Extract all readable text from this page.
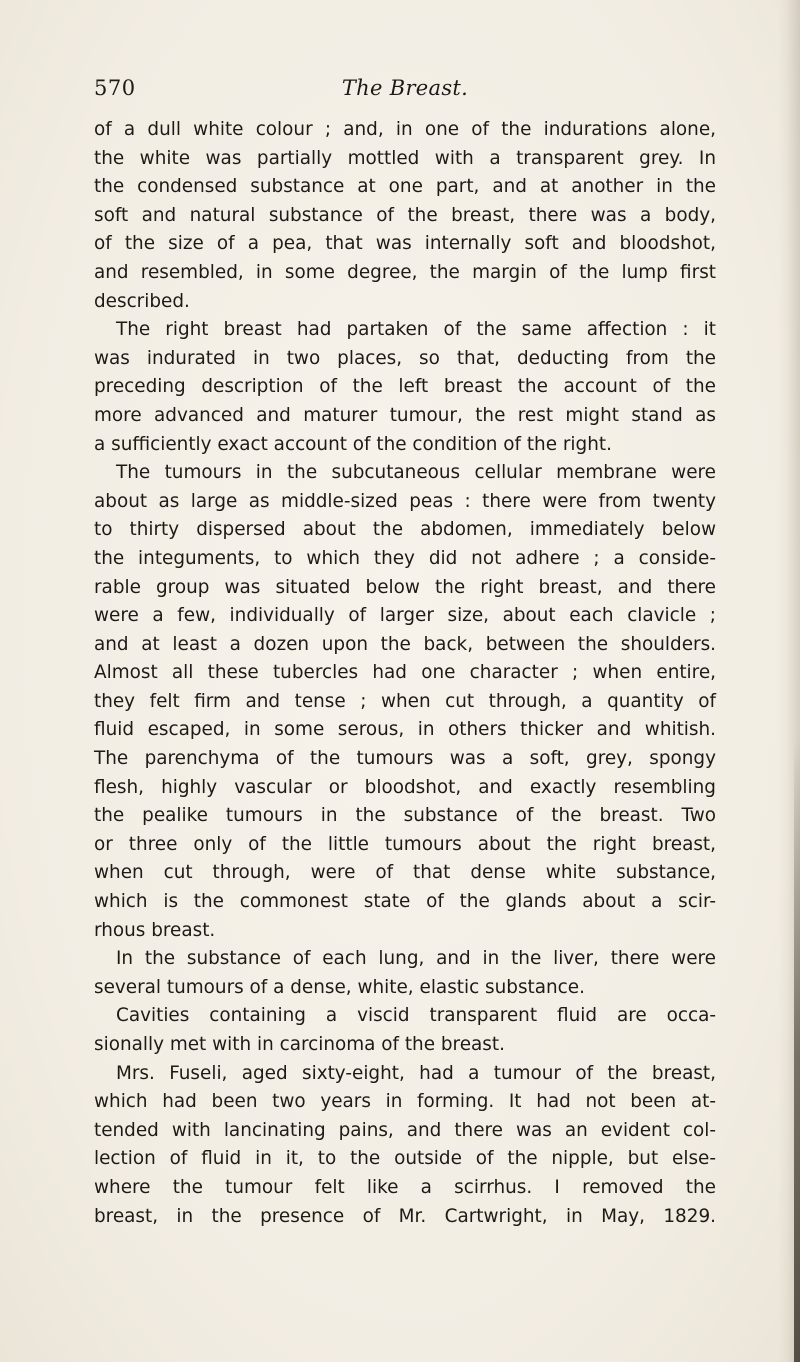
570	The Breast.
of a dull white colour ; and, in one of the indurations alone,
the white was partially mottled with a transparent grey. In
the condensed substance at one part, and at another in the
soft and natural substance of the breast, there was a body,
of the size of a pea, that was internally soft and bloodshot,
and resembled, in some degree, the margin of the lump first
described.
The right breast had partaken of the same affection : it
was indurated in two places, so that, deducting from the
preceding description of the left breast the account of the
more advanced and maturer tumour, the rest might stand as
a sufficiently exact account of the condition of the right.
The tumours in the subcutaneous cellular membrane were
about as large as middle-sized peas : there were from twenty
to thirty dispersed about the abdomen, immediately below
the integuments, to which they did not adhere ; a conside-
rable group was situated below the right breast, and there
were a few, individually of larger size, about each clavicle ;
and at least a dozen upon the back, between the shoulders.
Almost all these tubercles had one character ; when entire,
they felt firm and tense ; when cut through, a quantity of
fluid escaped, in some serous, in others thicker and whitish.
The parenchyma of the tumours was a soft, grey, spongy
flesh, highly vascular or bloodshot, and exactly resembling
the pealike tumours in the substance of the breast. Two
or three only of the little tumours about the right breast,
when cut through, were of that dense white substance,
which is the commonest state of the glands about a scir-
rhous breast.
In the substance of each lung, and in the liver, there were
several tumours of a dense, white, elastic substance.
Cavities containing a viscid transparent fluid are occa-
sionally met with in carcinoma of the breast.
Mrs. Fuseli, aged sixty-eight, had a tumour of the breast,
which had been two years in forming. It had not been at-
tended with lancinating pains, and there was an evident col-
lection of fluid in it, to the outside of the nipple, but else-
where the tumour felt like a scirrhus. I removed the
breast, in the presence of Mr. Cartwright, in May, 1829.
